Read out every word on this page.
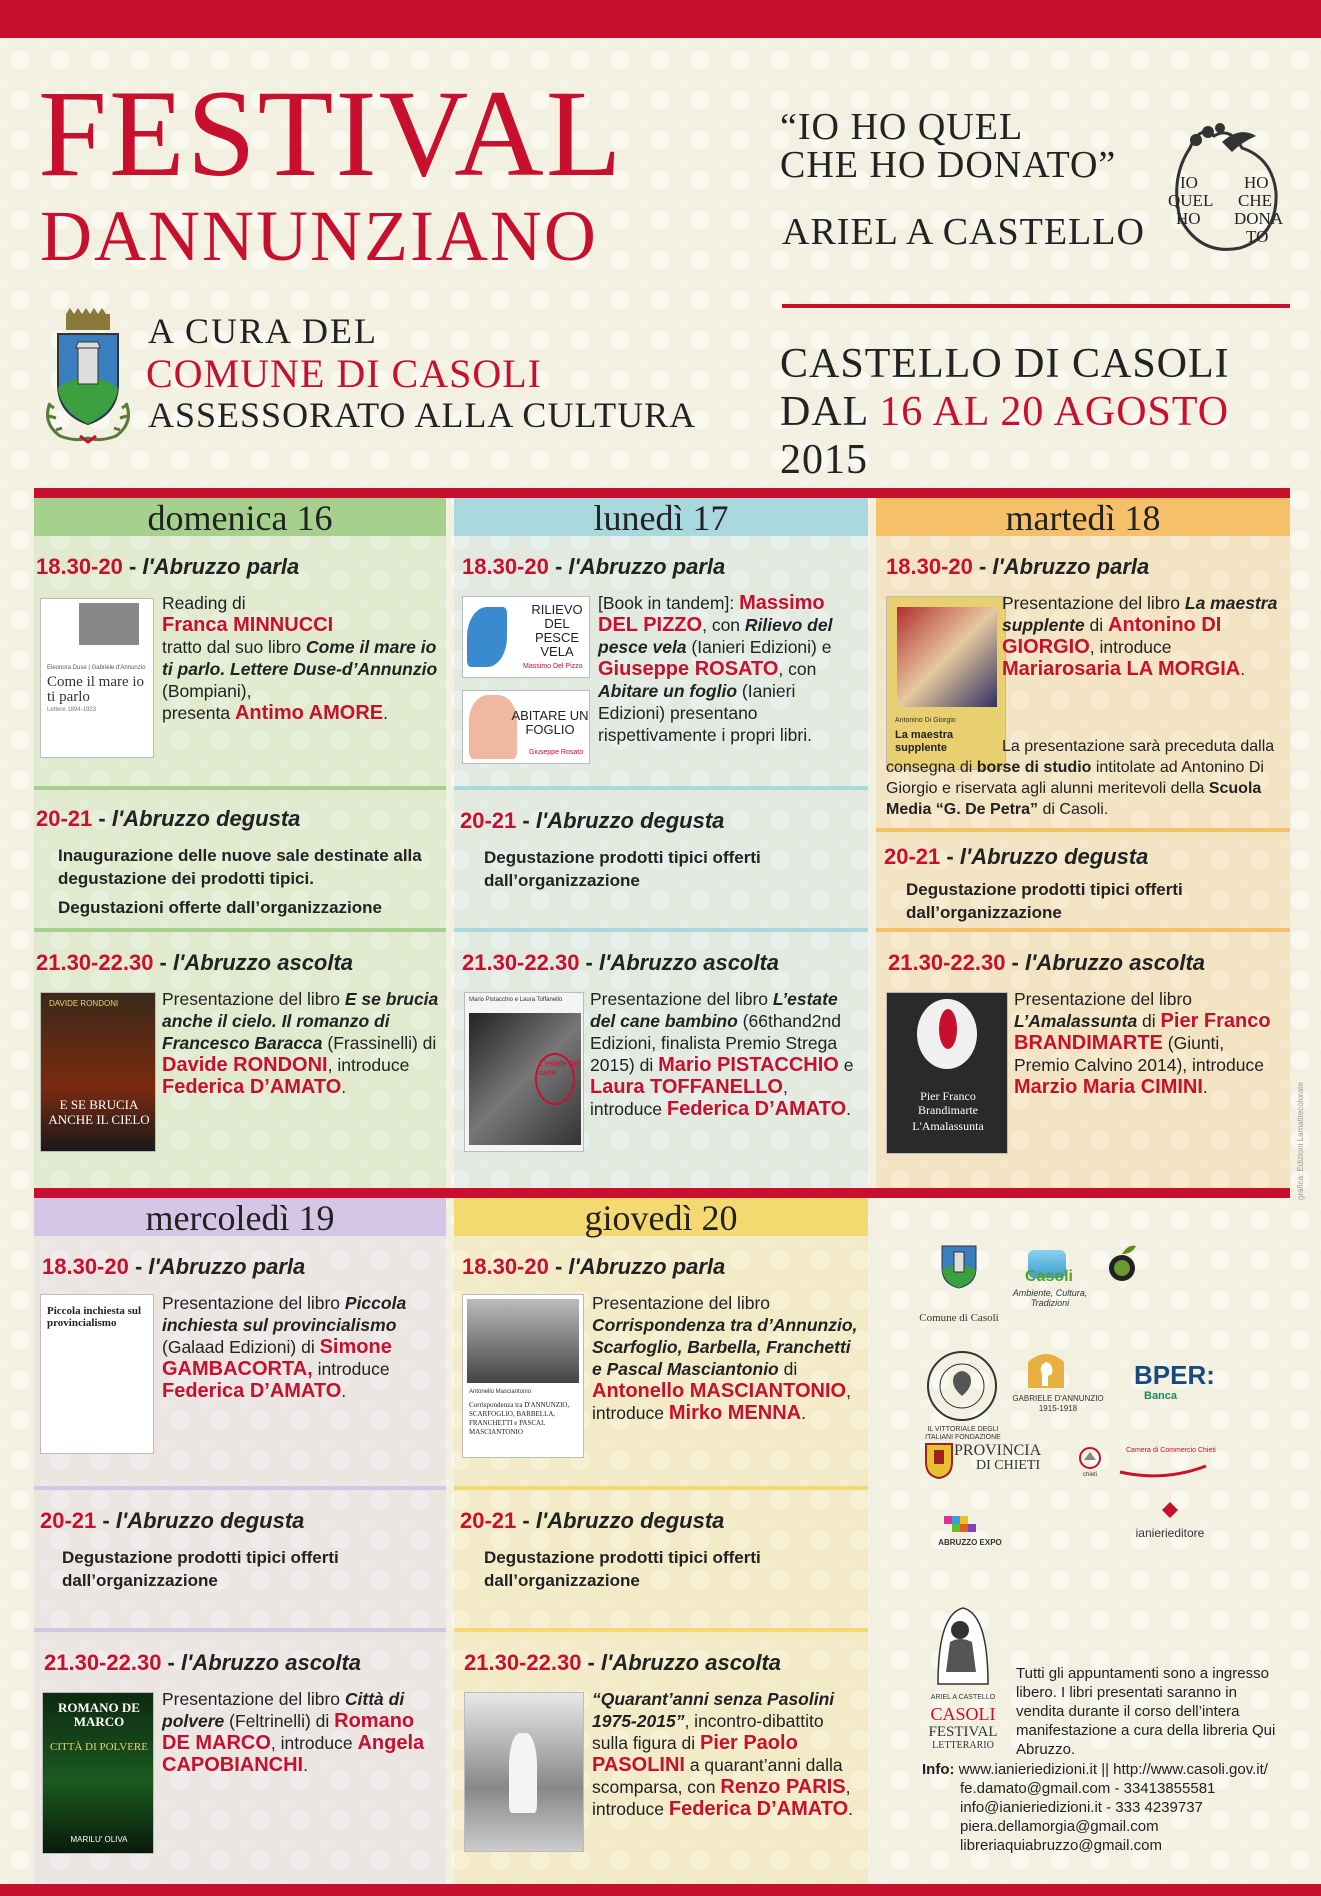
FESTIVAL
DANNUNZIANO
A CURA DEL
COMUNE DI CASOLI
ASSESSORATO ALLA CULTURA
“IO HO QUEL
CHE HO DONATO”
ARIEL A CASTELLO
IO
QUEL
HO
HO
CHE
DONA
TO
CASTELLO DI CASOLI
DAL 16 AL 20 AGOSTO 2015
domenica 16	lunedì 17	martedì 18
18.30-20 - l'Abruzzo parla
Eleonora Duse | Gabriele d'Annunzio
Come il mare io ti parlo
Lettere 1894-1923
Reading di
Franca MINNUCCI
tratto dal suo libro Come il mare io ti parlo. Lettere Duse-d’Annunzio (Bompiani),
presenta Antimo AMORE.
20-21 - l'Abruzzo degusta
Inaugurazione delle nuove sale destinate alla degustazione dei prodotti tipici.
Degustazioni offerte dall’organizzazione
21.30-22.30 - l'Abruzzo ascolta
DAVIDE RONDONI
E SE BRUCIA ANCHE IL CIELO
Presentazione del libro E se brucia anche il cielo. Il romanzo di Francesco Baracca (Frassinelli) di Davide RONDONI, introduce Federica D’AMATO.
18.30-20 - l'Abruzzo parla
RILIEVO DEL PESCE VELA
Massimo Del Pizzo
ABITARE UN FOGLIO
Giuseppe Rosato
[Book in tandem]: Massimo DEL PIZZO, con Rilievo del pesce vela (Ianieri Edizioni) e Giuseppe ROSATO, con Abitare un foglio (Ianieri Edizioni) presentano rispettivamente i propri libri.
20-21 - l'Abruzzo degusta
Degustazione prodotti tipici offerti dall’organizzazione
21.30-22.30 - l'Abruzzo ascolta
Mario Pistacchio e Laura Toffanello
L'estate del cane
Presentazione del libro L’estate del cane bambino (66thand2nd Edizioni, finalista Premio Strega 2015) di Mario PISTACCHIO e Laura TOFFANELLO, introduce Federica D’AMATO.
18.30-20 - l'Abruzzo parla
Antonino Di Giorgio
La maestra supplente
Presentazione del libro La maestra supplente di Antonino DI GIORGIO, introduce Mariarosaria LA MORGIA.
La presentazione sarà preceduta dalla consegna di borse di studio intitolate ad Antonino Di Giorgio e riservata agli alunni meritevoli della Scuola Media “G. De Petra” di Casoli.
20-21 - l'Abruzzo degusta
Degustazione prodotti tipici offerti dall’organizzazione
21.30-22.30 - l'Abruzzo ascolta
Pier Franco Brandimarte
L'Amalassunta
Presentazione del libro L’Amalassunta di Pier Franco BRANDIMARTE (Giunti, Premio Calvino 2014), introduce Marzio Maria CIMINI.	grafica: Edizioni Lamatitecolorate
mercoledì 19	giovedì 20
18.30-20 - l'Abruzzo parla
Piccola inchiesta sul provincialismo
Presentazione del libro Piccola inchiesta sul provincialismo (Galaad Edizioni) di Simone GAMBACORTA, introduce Federica D’AMATO.
20-21 - l'Abruzzo degusta
Degustazione prodotti tipici offerti dall’organizzazione
21.30-22.30 - l'Abruzzo ascolta
ROMANO DE MARCO
CITTÀ DI POLVERE
MARILU' OLIVA
Presentazione del libro Città di polvere (Feltrinelli) di Romano DE MARCO, introduce Angela CAPOBIANCHI.
18.30-20 - l'Abruzzo parla
Antonello Masciantonio
Corrispondenza tra D'ANNUNZIO, SCARFOGLIO, BARBELLA, FRANCHETTI e PASCAL MASCIANTONIO
Presentazione del libro Corrispondenza tra d’Annunzio, Scarfoglio, Barbella, Franchetti e Pascal Masciantonio di Antonello MASCIANTONIO, introduce Mirko MENNA.
20-21 - l'Abruzzo degusta
Degustazione prodotti tipici offerti dall’organizzazione
21.30-22.30 - l'Abruzzo ascolta
“Quarant’anni senza Pasolini 1975-2015”, incontro-dibattito sulla figura di Pier Paolo PASOLINI a quarant’anni dalla scomparsa, con Renzo PARIS, introduce Federica D’AMATO.
Comune di Casoli
Casoli
Ambiente, Cultura, Tradizioni
IL VITTORIALE DEGLI ITALIANI FONDAZIONE
GABRIELE D'ANNUNZIO 1915-1918
BPER:
Banca
PROVINCIA
DI CHIETI
chieti
Camera di Commercio Chieti
ABRUZZO EXPO
ianierieditore
ARIEL A CASTELLO
CASOLI
FESTIVAL
LETTERARIO
Tutti gli appuntamenti sono a ingresso libero. I libri presentati saranno in vendita durante il corso dell’intera manifestazione a cura della libreria Qui Abruzzo.
Info: www.ianieriedizioni.it || http://www.casoli.gov.it/
fe.damato@gmail.com - 33413855581
info@ianieriedizioni.it - 333 4239737
piera.dellamorgia@gmail.com
libreriaquiabruzzo@gmail.com
